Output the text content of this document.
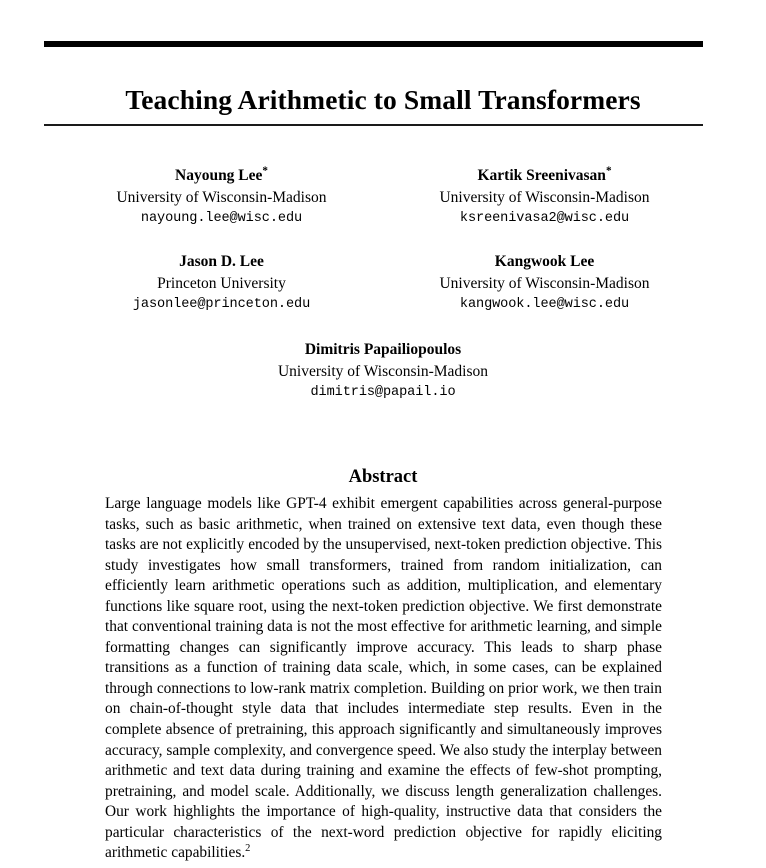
Teaching Arithmetic to Small Transformers
Nayoung Lee*
University of Wisconsin-Madison
nayoung.lee@wisc.edu
Kartik Sreenivasan*
University of Wisconsin-Madison
ksreenivasa2@wisc.edu
Jason D. Lee
Princeton University
jasonlee@princeton.edu
Kangwook Lee
University of Wisconsin-Madison
kangwook.lee@wisc.edu
Dimitris Papailiopoulos
University of Wisconsin-Madison
dimitris@papail.io
Abstract

Large language models like GPT-4 exhibit emergent capabilities across general-purpose tasks, such as basic arithmetic, when trained on extensive text data, even though these tasks are not explicitly encoded by the unsupervised, next-token prediction objective. This study investigates how small transformers, trained from random initialization, can efficiently learn arithmetic operations such as addition, multiplication, and elementary functions like square root, using the next-token prediction objective. We first demonstrate that conventional training data is not the most effective for arithmetic learning, and simple formatting changes can significantly improve accuracy. This leads to sharp phase transitions as a function of training data scale, which, in some cases, can be explained through connections to low-rank matrix completion. Building on prior work, we then train on chain-of-thought style data that includes intermediate step results. Even in the complete absence of pretraining, this approach significantly and simultaneously improves accuracy, sample complexity, and convergence speed. We also study the interplay between arithmetic and text data during training and examine the effects of few-shot prompting, pretraining, and model scale. Additionally, we discuss length generalization challenges. Our work highlights the importance of high-quality, instructive data that considers the particular characteristics of the next-word prediction objective for rapidly eliciting arithmetic capabilities.$^2$
